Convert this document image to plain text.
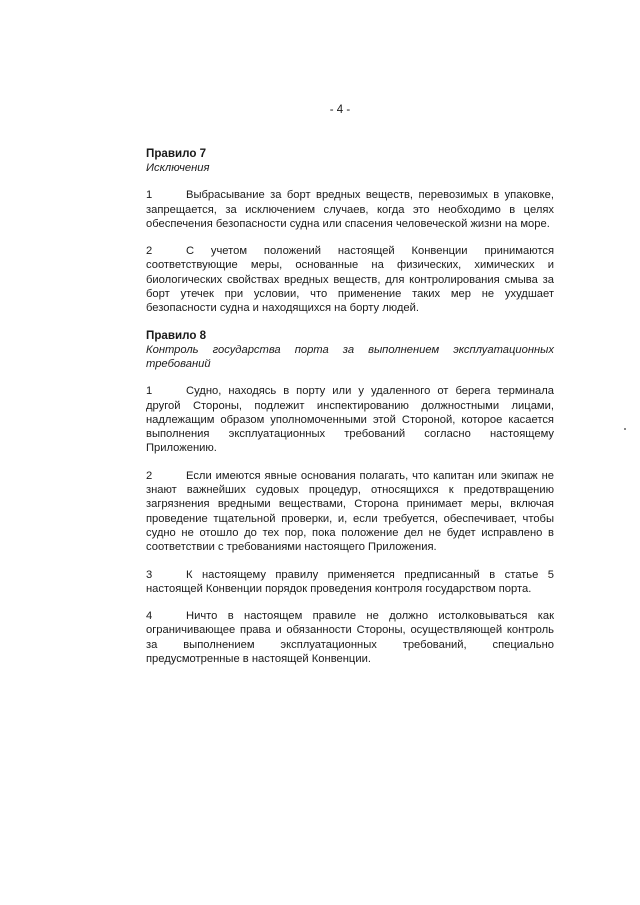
- 4 -

Правило 7

Исключения

1	Выбрасывание за борт вредных веществ, перевозимых в упаковке, запрещается, за исключением случаев, когда это необходимо в целях обеспечения безопасности судна или спасения человеческой жизни на море.

2	С учетом положений настоящей Конвенции принимаются соответствующие меры, основанные на физических, химических и биологических свойствах вредных веществ, для контролирования смыва за борт утечек при условии, что применение таких мер не ухудшает безопасности судна и находящихся на борту людей.

Правило 8

Контроль государства порта за выполнением эксплуатационных требований

1	Судно, находясь в порту или у удаленного от берега терминала другой Стороны, подлежит инспектированию должностными лицами, надлежащим образом уполномоченными этой Стороной, которое касается выполнения эксплуатационных требований согласно настоящему Приложению.

2	Если имеются явные основания полагать, что капитан или экипаж не знают важнейших судовых процедур, относящихся к предотвращению загрязнения вредными веществами, Сторона принимает меры, включая проведение тщательной проверки, и, если требуется, обеспечивает, чтобы судно не отошло до тех пор, пока положение дел не будет исправлено в соответствии с требованиями настоящего Приложения.

3	К настоящему правилу применяется предписанный в статье 5 настоящей Конвенции порядок проведения контроля государством порта.

4	Ничто в настоящем правиле не должно истолковываться как ограничивающее права и обязанности Стороны, осуществляющей контроль за выполнением эксплуатационных требований, специально предусмотренные в настоящей Конвенции.
